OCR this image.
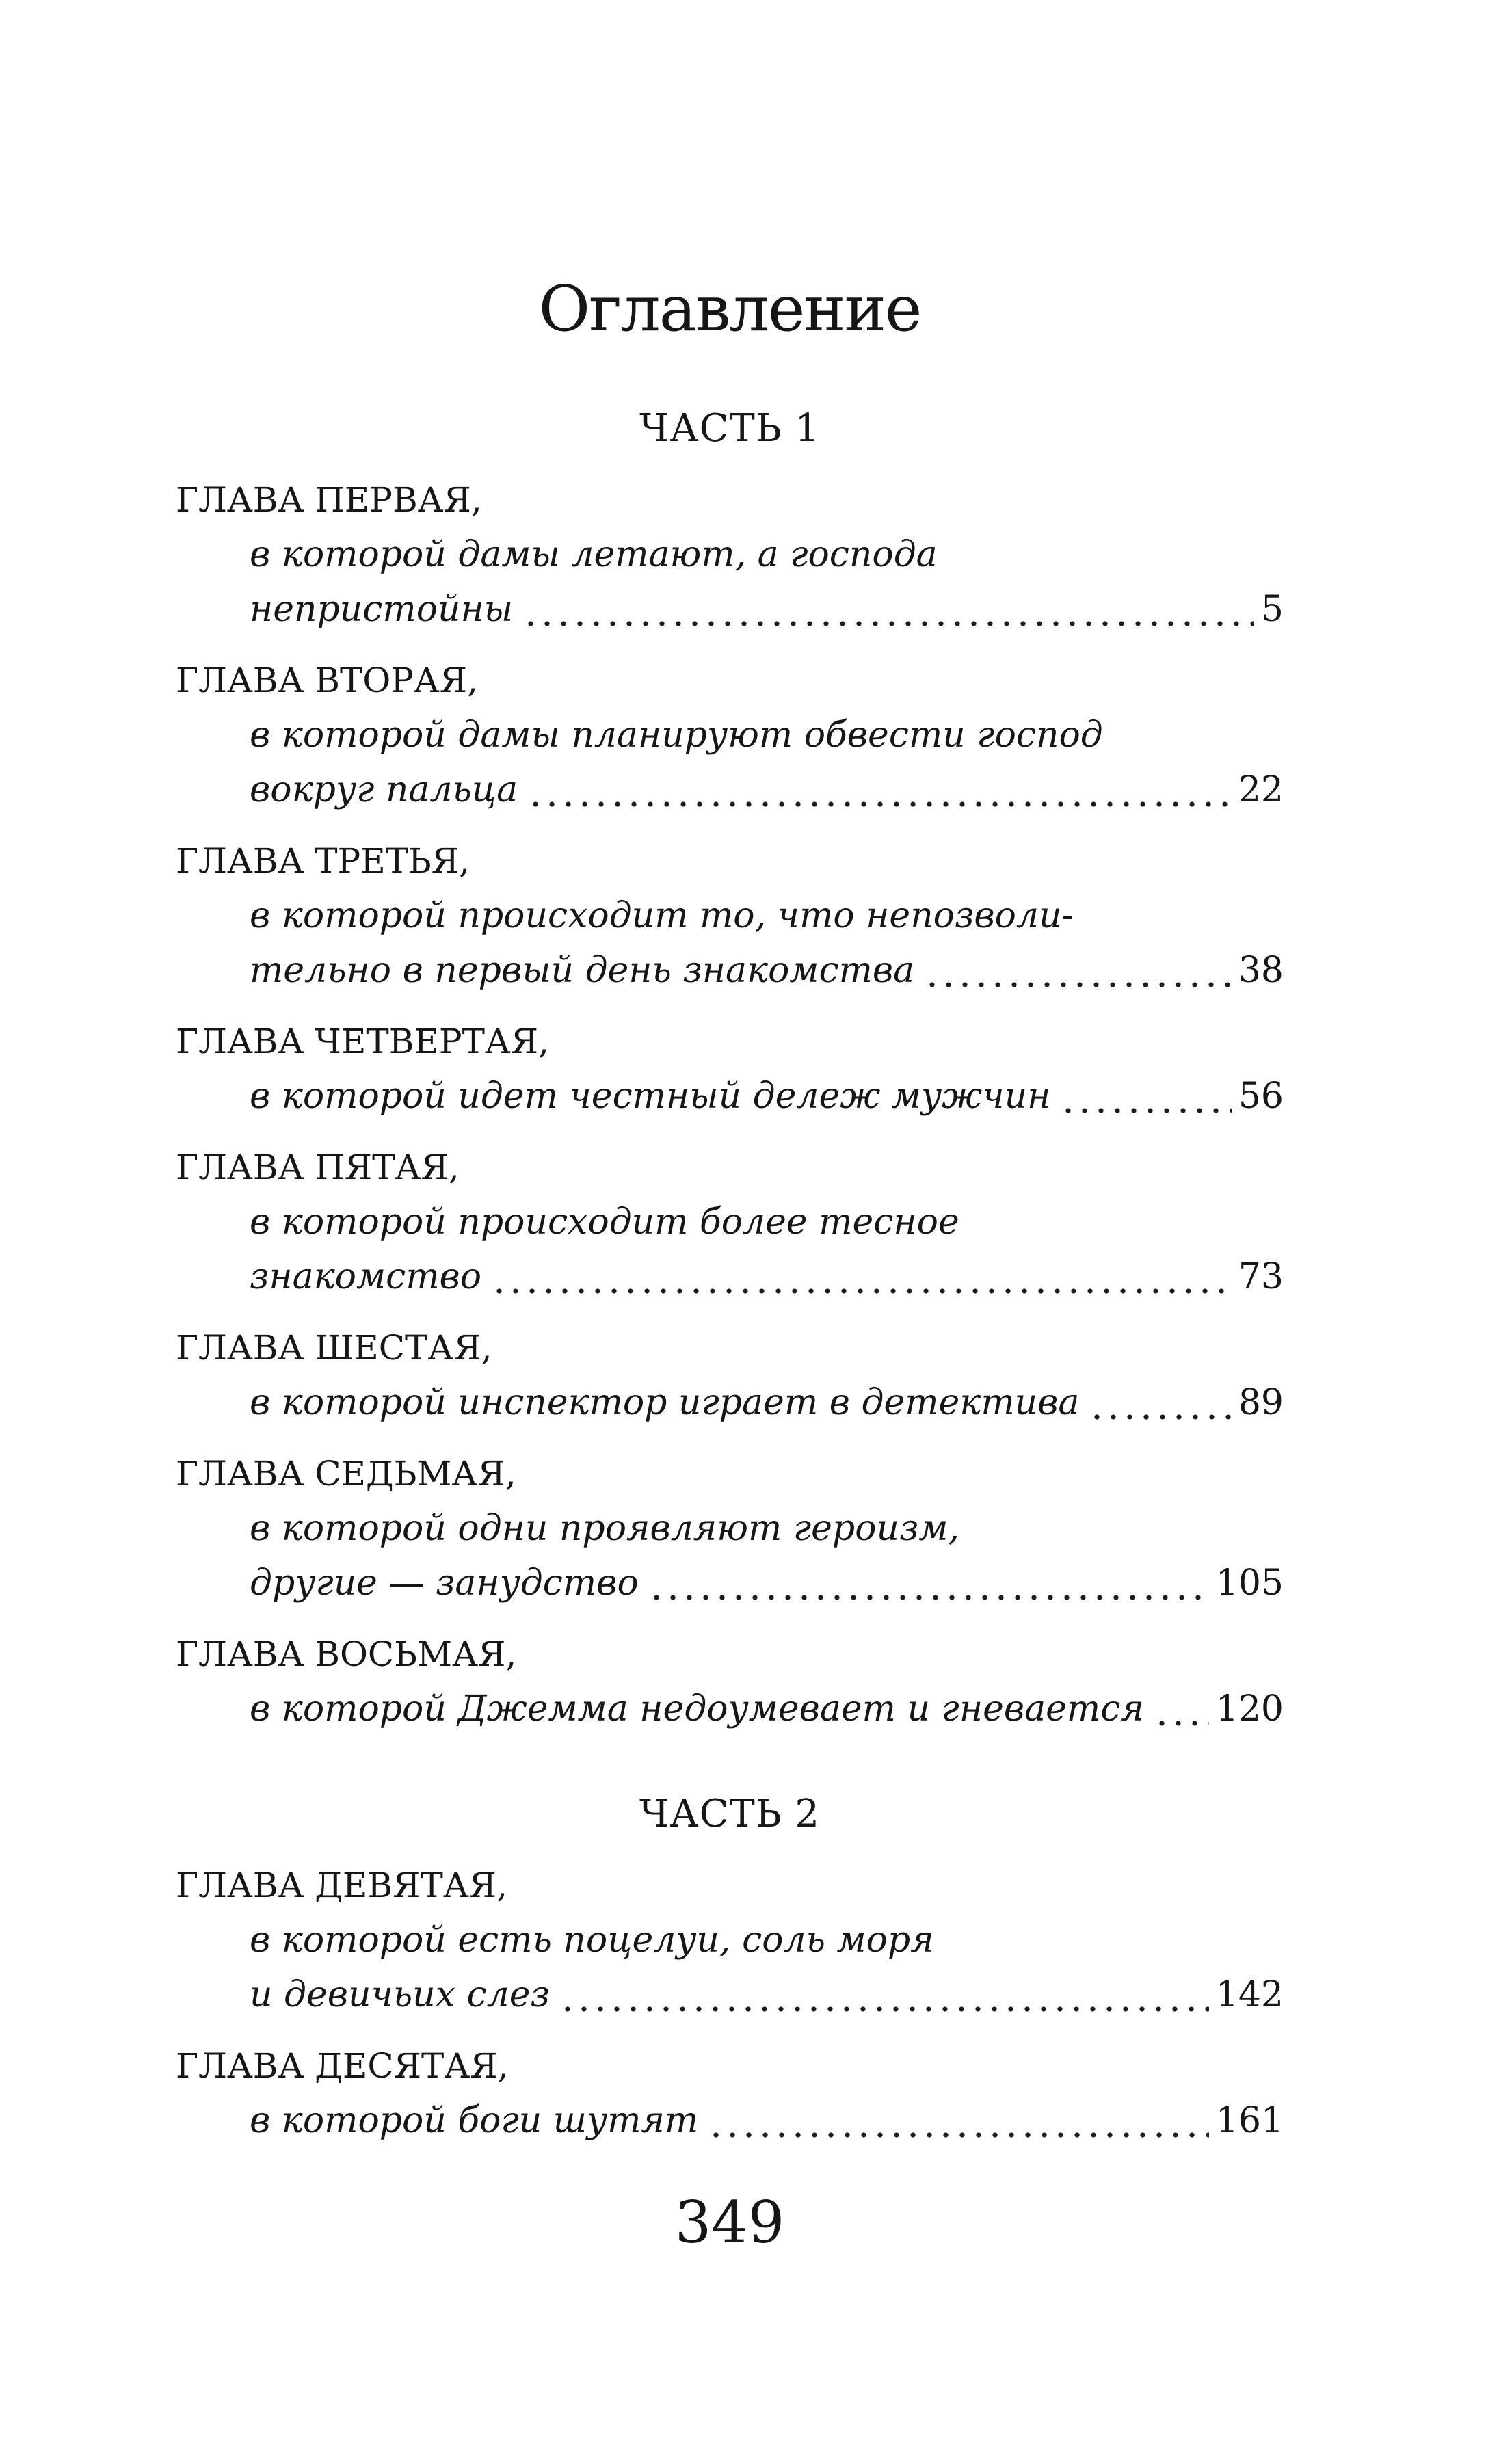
Оглавление
ЧАСТЬ 1
ГЛАВА ПЕРВАЯ,
в которой дамы летают, а господа
непристойны	5
ГЛАВА ВТОРАЯ,
в которой дамы планируют обвести господ
вокруг пальца	22
ГЛАВА ТРЕТЬЯ,
в которой происходит то, что непозволи-
тельно в первый день знакомства	38
ГЛАВА ЧЕТВЕРТАЯ,
в которой идет честный дележ мужчин	56
ГЛАВА ПЯТАЯ,
в которой происходит более тесное
знакомство	73
ГЛАВА ШЕСТАЯ,
в которой инспектор играет в детектива	89
ГЛАВА СЕДЬМАЯ,
в которой одни проявляют героизм,
другие — занудство	105
ГЛАВА ВОСЬМАЯ,
в которой Джемма недоумевает и гневается 120
ЧАСТЬ 2
ГЛАВА ДЕВЯТАЯ,
в которой есть поцелуи, соль моря
и девичьих слез	142
ГЛАВА ДЕСЯТАЯ,
в которой боги шутят	161
349
